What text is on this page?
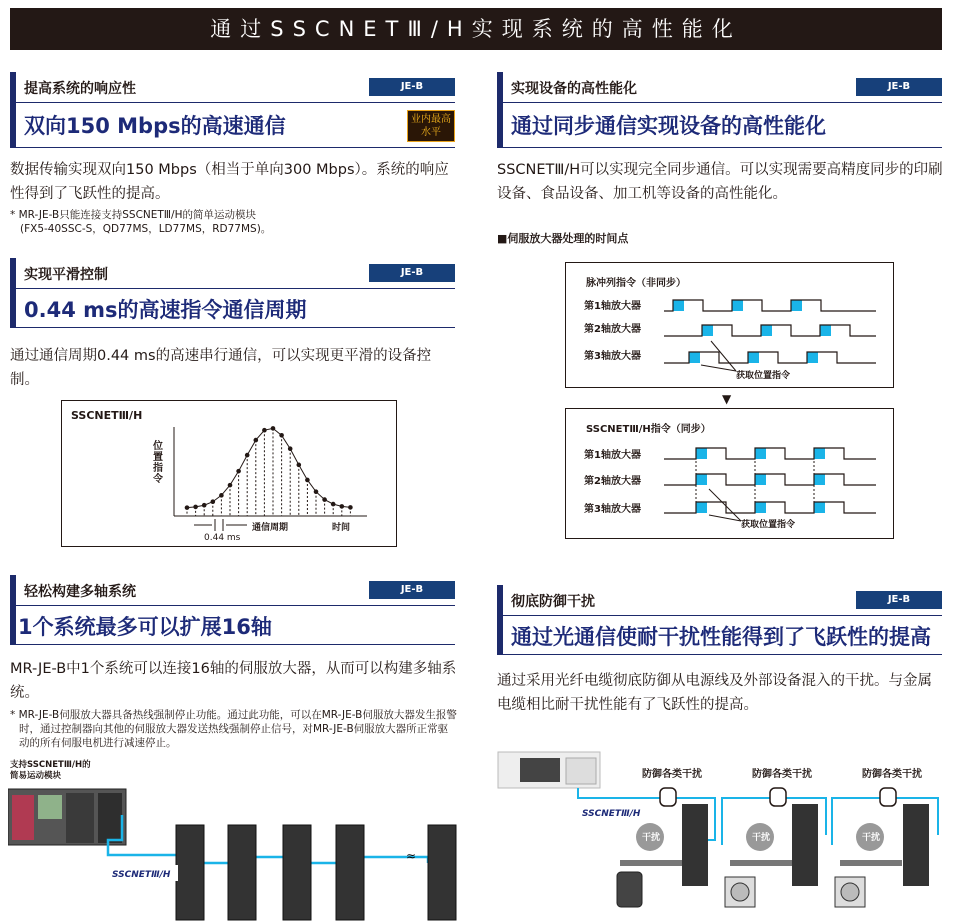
通过SSCNETⅢ/H实现系统的高性能化
提高系统的响应性	JE-B
双向150 Mbps的高速通信	业内最高水平
数据传输实现双向150 Mbps（相当于单向300 Mbps）。系统的响应性得到了飞跃性的提高。
* MR-JE-B只能连接支持SSCNETⅢ/H的简单运动模块
(FX5-40SSC-S，QD77MS，LD77MS，RD77MS)。
实现平滑控制	JE-B
0.44 ms的高速指令通信周期
通过通信周期0.44 ms的高速串行通信，可以实现更平滑的设备控制。
SSCNETⅢ/H
位置指令
通信周期
0.44 ms
时间
轻松构建多轴系统	JE-B
1个系统最多可以扩展16轴
MR-JE-B中1个系统可以连接16轴的伺服放大器，从而可以构建多轴系统。
* MR-JE-B伺服放大器具备热线强制停止功能。通过此功能，可以在MR-JE-B伺服放大器发生报警时，通过控制器向其他的伺服放大器发送热线强制停止信号，对MR-JE-B伺服放大器所正常驱动的所有伺服电机进行减速停止。
支持SSCNETⅢ/H的
简易运动模块
≈
SSCNETⅢ/H
实现设备的高性能化	JE-B
通过同步通信实现设备的高性能化
SSCNETⅢ/H可以实现完全同步通信。可以实现需要高精度同步的印刷设备、食品设备、加工机等设备的高性能化。
■伺服放大器处理的时间点
脉冲列指令（非同步）
第1轴放大器
第2轴放大器
第3轴放大器
获取位置指令
▼
SSCNETⅢ/H指令（同步）
第1轴放大器
第2轴放大器
第3轴放大器
获取位置指令
彻底防御干扰	JE-B
通过光通信使耐干扰性能得到了飞跃性的提高
通过采用光纤电缆彻底防御从电源线及外部设备混入的干扰。与金属电缆相比耐干扰性能有了飞跃性的提高。
SSCNETⅢ/H
防御各类干扰	防御各类干扰	防御各类干扰
干扰	干扰	干扰
